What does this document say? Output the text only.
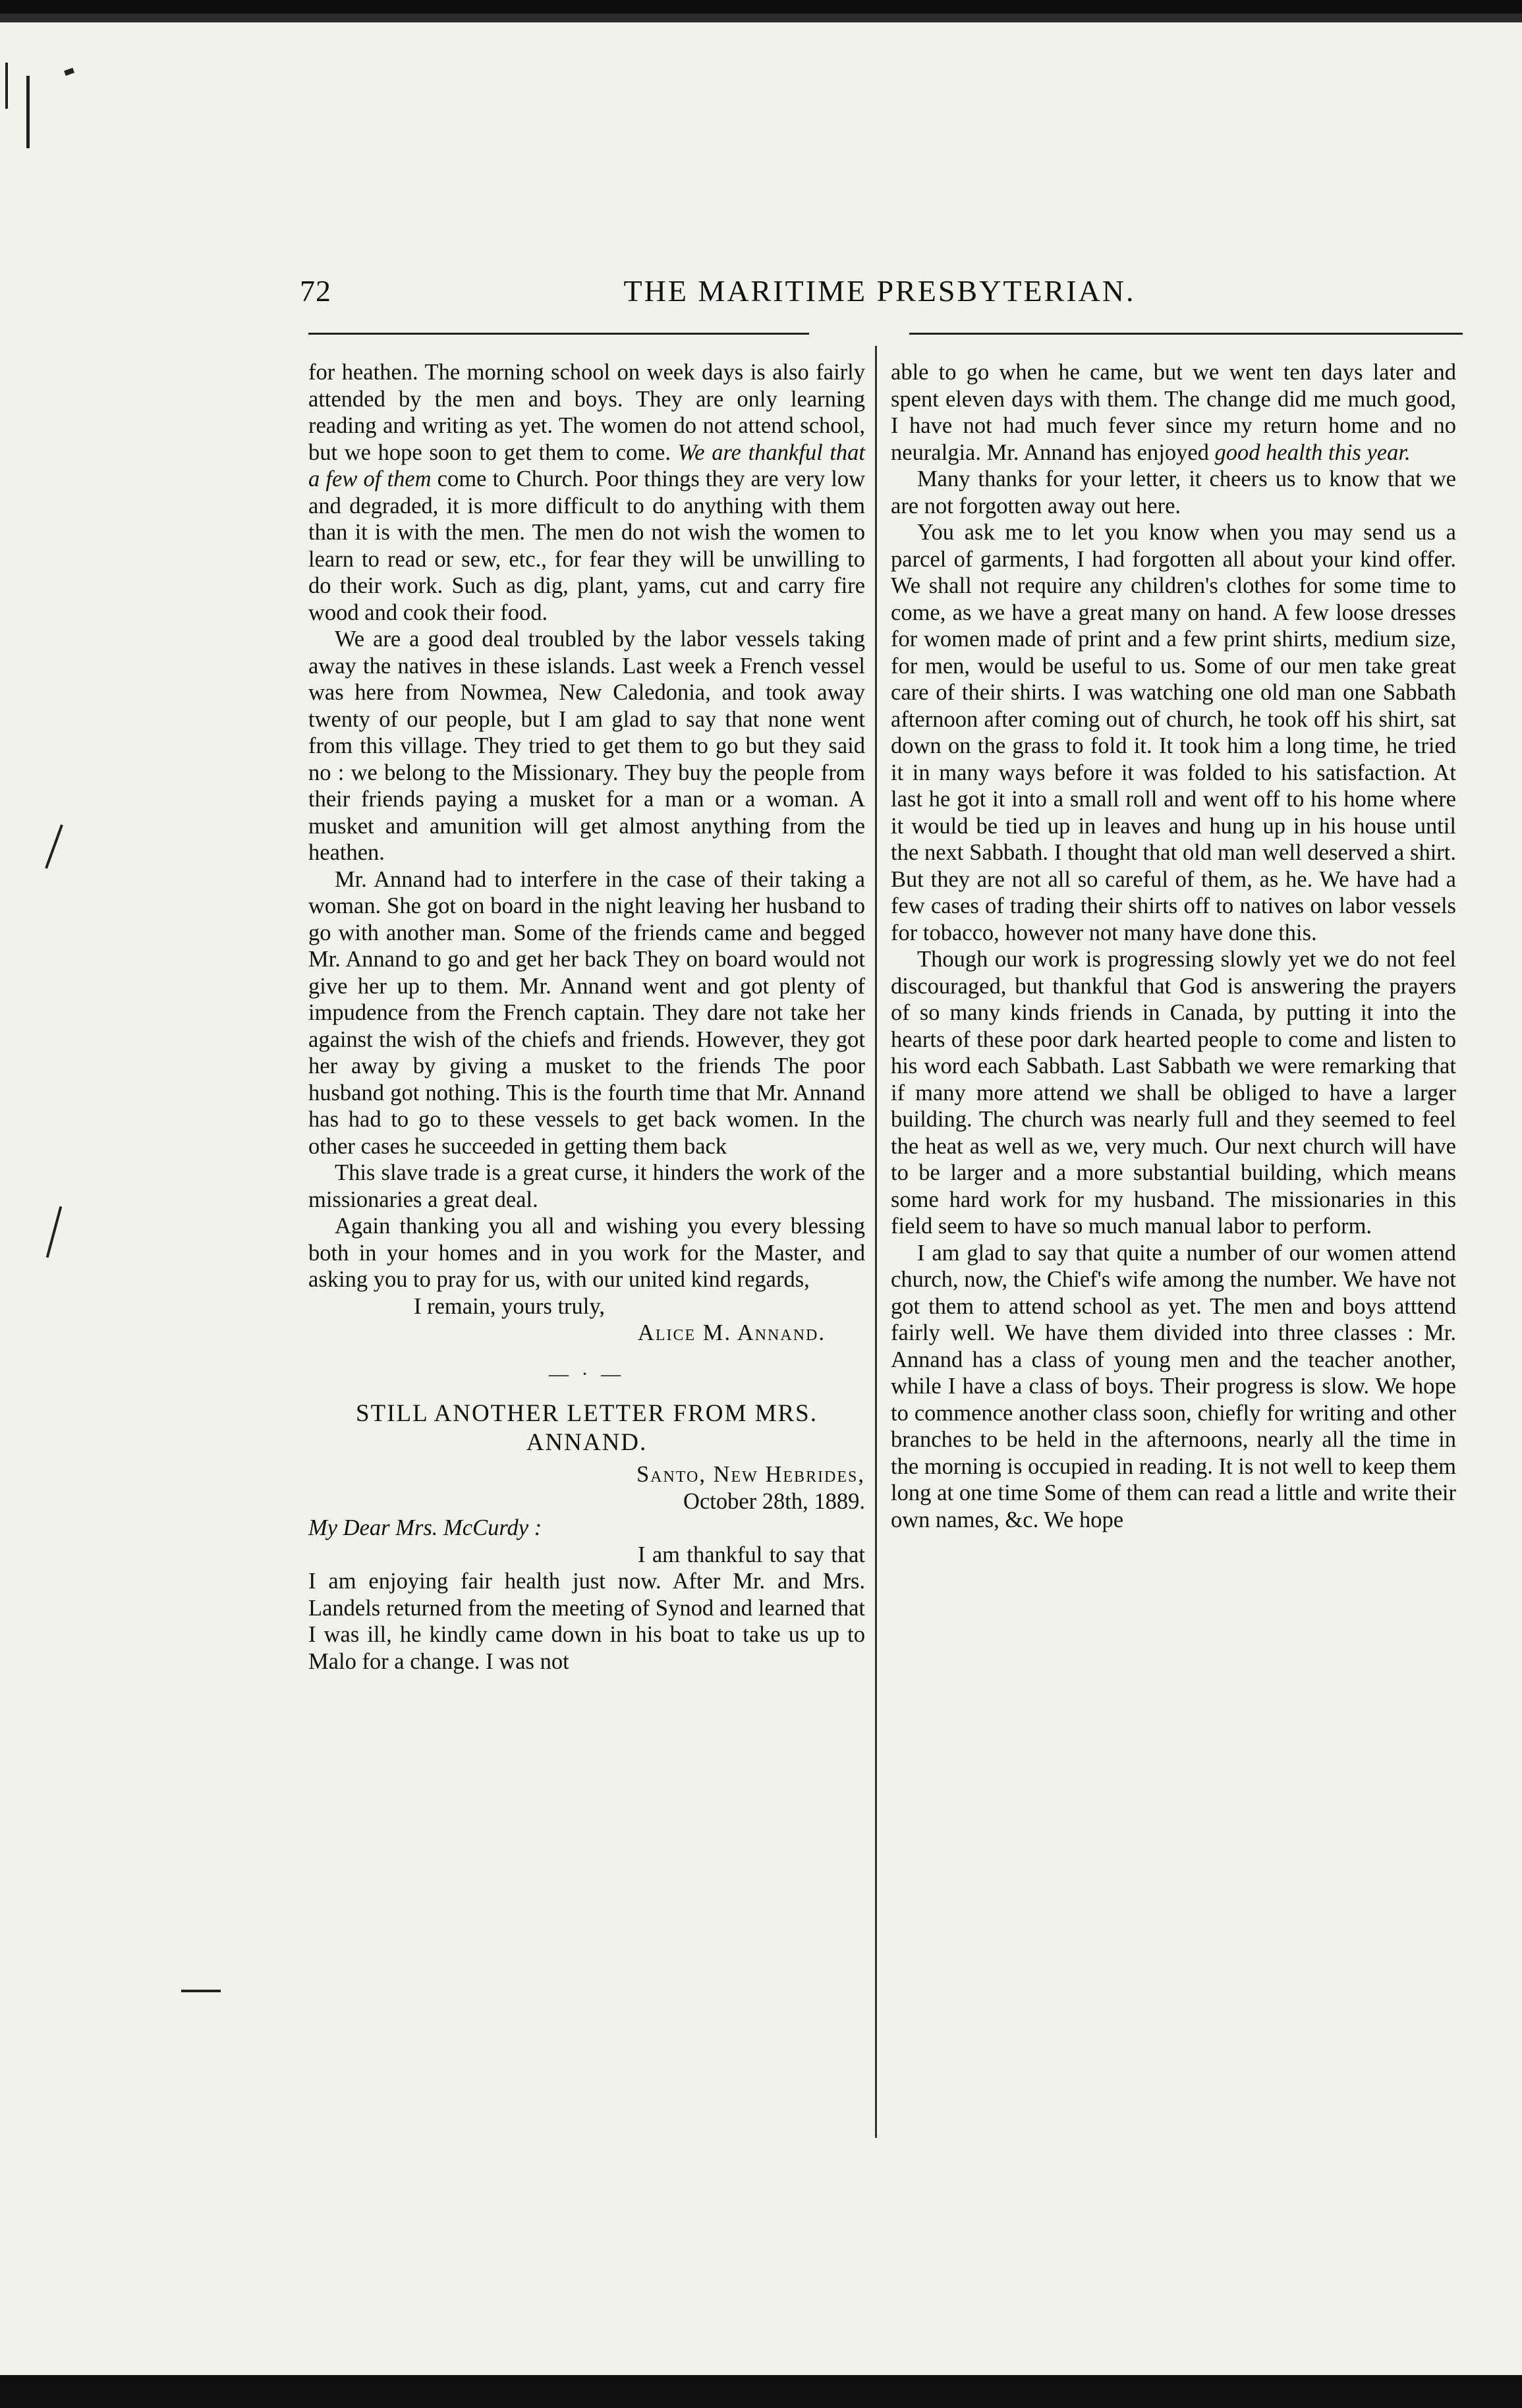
72	THE MARITIME PRESBYTERIAN.

for heathen. The morning school on week days is also fairly attended by the men and boys. They are only learning reading and writing as yet. The women do not attend school, but we hope soon to get them to come. We are thankful that a few of them come to Church. Poor things they are very low and degraded, it is more difficult to do anything with them than it is with the men. The men do not wish the women to learn to read or sew, etc., for fear they will be unwilling to do their work. Such as dig, plant, yams, cut and carry fire wood and cook their food.

We are a good deal troubled by the labor vessels taking away the natives in these islands. Last week a French vessel was here from Nowmea, New Caledonia, and took away twenty of our people, but I am glad to say that none went from this village. They tried to get them to go but they said no : we belong to the Missionary. They buy the people from their friends paying a musket for a man or a woman. A musket and amunition will get almost anything from the heathen.

Mr. Annand had to interfere in the case of their taking a woman. She got on board in the night leaving her husband to go with another man. Some of the friends came and begged Mr. Annand to go and get her back They on board would not give her up to them. Mr. Annand went and got plenty of impudence from the French captain. They dare not take her against the wish of the chiefs and friends. However, they got her away by giving a musket to the friends The poor husband got nothing. This is the fourth time that Mr. Annand has had to go to these vessels to get back women. In the other cases he succeeded in getting them back

This slave trade is a great curse, it hinders the work of the missionaries a great deal.

Again thanking you all and wishing you every blessing both in your homes and in you work for the Master, and asking you to pray for us, with our united kind regards,

I remain, yours truly,
Alice M. Annand.
— · —
STILL ANOTHER LETTER FROM MRS. ANNAND.
Santo, New Hebrides,
October 28th, 1889.
My Dear Mrs. McCurdy :

I am thankful to say that I am enjoying fair health just now. After Mr. and Mrs. Landels returned from the meeting of Synod and learned that I was ill, he kindly came down in his boat to take us up to Malo for a change. I was not

able to go when he came, but we went ten days later and spent eleven days with them. The change did me much good, I have not had much fever since my return home and no neuralgia. Mr. Annand has enjoyed good health this year.

Many thanks for your letter, it cheers us to know that we are not forgotten away out here.

You ask me to let you know when you may send us a parcel of garments, I had forgotten all about your kind offer. We shall not require any children's clothes for some time to come, as we have a great many on hand. A few loose dresses for women made of print and a few print shirts, medium size, for men, would be useful to us. Some of our men take great care of their shirts. I was watching one old man one Sabbath afternoon after coming out of church, he took off his shirt, sat down on the grass to fold it. It took him a long time, he tried it in many ways before it was folded to his satisfaction. At last he got it into a small roll and went off to his home where it would be tied up in leaves and hung up in his house until the next Sabbath. I thought that old man well deserved a shirt. But they are not all so careful of them, as he. We have had a few cases of trading their shirts off to natives on labor vessels for tobacco, however not many have done this.

Though our work is progressing slowly yet we do not feel discouraged, but thankful that God is answering the prayers of so many kinds friends in Canada, by putting it into the hearts of these poor dark hearted people to come and listen to his word each Sabbath. Last Sabbath we were remarking that if many more attend we shall be obliged to have a larger building. The church was nearly full and they seemed to feel the heat as well as we, very much. Our next church will have to be larger and a more substantial building, which means some hard work for my husband. The missionaries in this field seem to have so much manual labor to perform.

I am glad to say that quite a number of our women attend church, now, the Chief's wife among the number. We have not got them to attend school as yet. The men and boys atttend fairly well. We have them divided into three classes : Mr. Annand has a class of young men and the teacher another, while I have a class of boys. Their progress is slow. We hope to commence another class soon, chiefly for writing and other branches to be held in the afternoons, nearly all the time in the morning is occupied in reading. It is not well to keep them long at one time Some of them can read a little and write their own names, &c. We hope
